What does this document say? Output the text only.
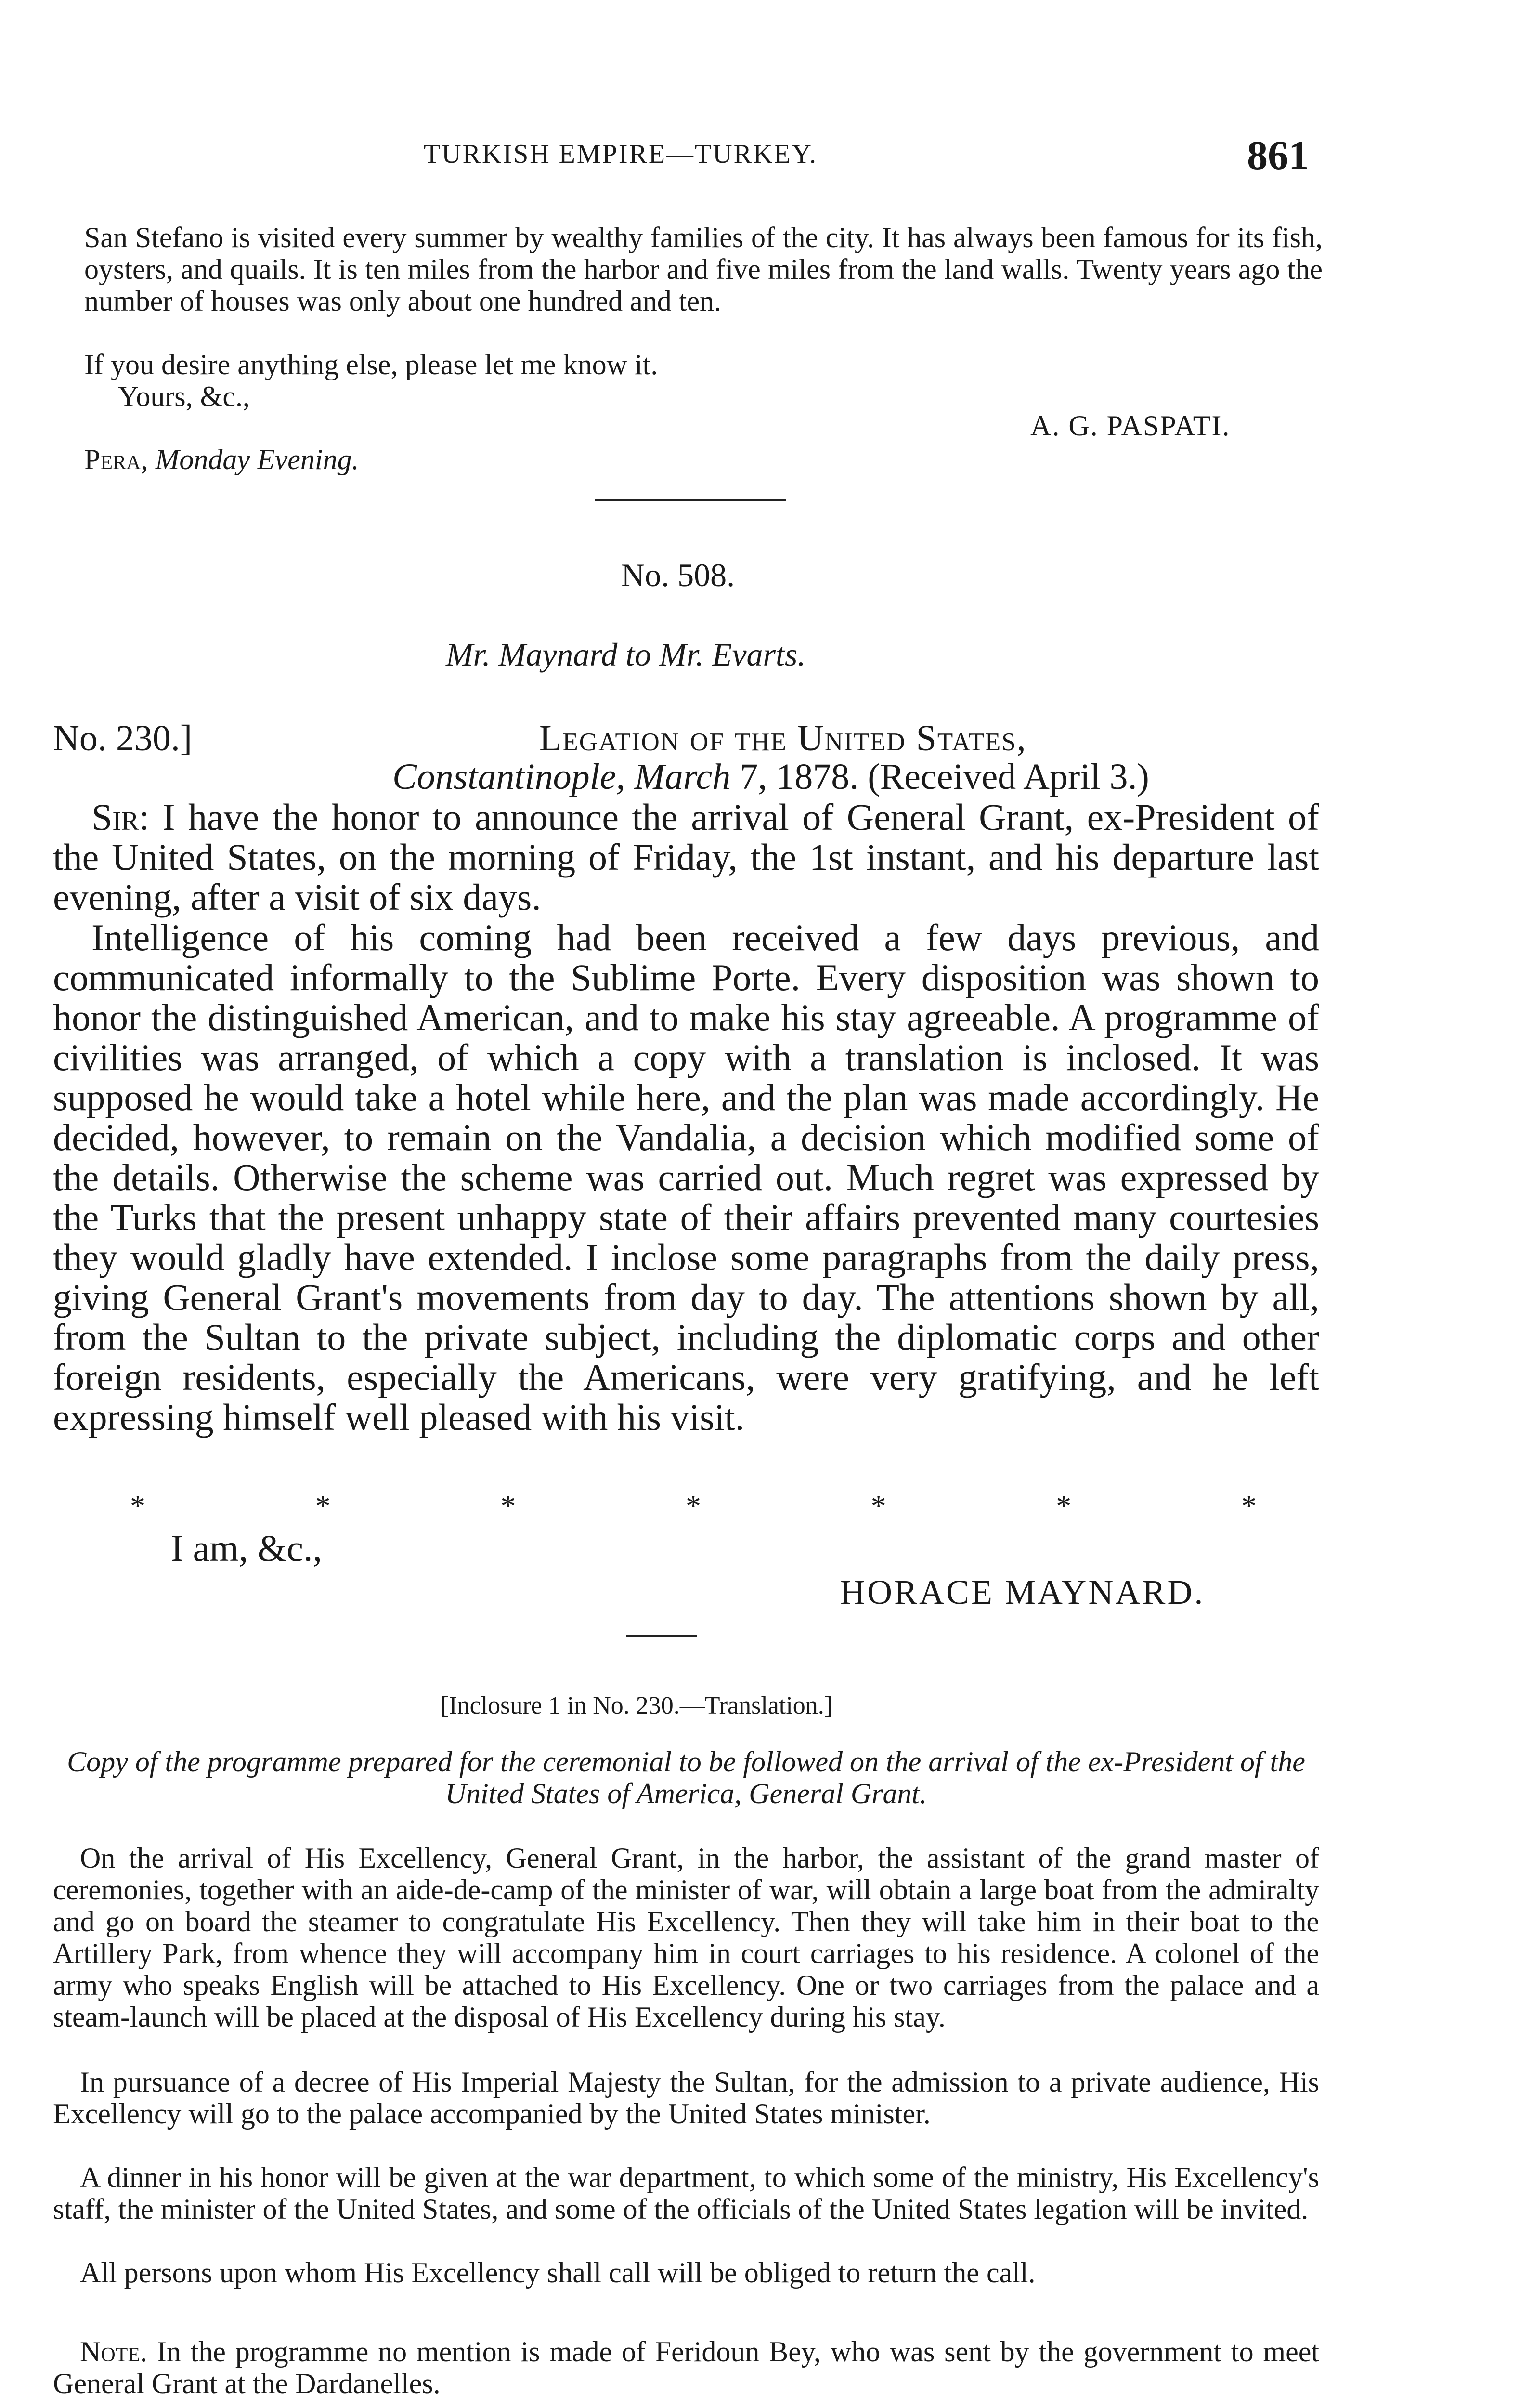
TURKISH EMPIRE—TURKEY.	861
San Stefano is visited every summer by wealthy families of the city. It has always been famous for its fish, oysters, and quails. It is ten miles from the harbor and five miles from the land walls. Twenty years ago the number of houses was only about one hundred and ten.
If you desire anything else, please let me know it.
Yours, &c.,
A. G. PASPATI.
Pera, Monday Evening.
No. 508.
Mr. Maynard to Mr. Evarts.
No. 230.]	Legation of the United States,
Constantinople, March 7, 1878. (Received April 3.)
Sir: I have the honor to announce the arrival of General Grant, ex-President of the United States, on the morning of Friday, the 1st instant, and his departure last evening, after a visit of six days.
Intelligence of his coming had been received a few days previous, and communicated informally to the Sublime Porte. Every disposition was shown to honor the distinguished American, and to make his stay agreeable. A programme of civilities was arranged, of which a copy with a translation is inclosed. It was supposed he would take a hotel while here, and the plan was made accordingly. He decided, however, to remain on the Vandalia, a decision which modified some of the details. Otherwise the scheme was carried out. Much regret was expressed by the Turks that the present unhappy state of their affairs prevented many courtesies they would gladly have extended. I inclose some paragraphs from the daily press, giving General Grant's movements from day to day. The attentions shown by all, from the Sultan to the private subject, including the diplomatic corps and other foreign residents, especially the Americans, were very gratifying, and he left expressing himself well pleased with his visit.
*	*	*	*	*	*	*
I am, &c.,
HORACE MAYNARD.
[Inclosure 1 in No. 230.—Translation.]
Copy of the programme prepared for the ceremonial to be followed on the arrival of the ex-President of the United States of America, General Grant.
On the arrival of His Excellency, General Grant, in the harbor, the assistant of the grand master of ceremonies, together with an aide-de-camp of the minister of war, will obtain a large boat from the admiralty and go on board the steamer to congratulate His Excellency. Then they will take him in their boat to the Artillery Park, from whence they will accompany him in court carriages to his residence. A colonel of the army who speaks English will be attached to His Excellency. One or two carriages from the palace and a steam-launch will be placed at the disposal of His Excellency during his stay.
In pursuance of a decree of His Imperial Majesty the Sultan, for the admission to a private audience, His Excellency will go to the palace accompanied by the United States minister.
A dinner in his honor will be given at the war department, to which some of the ministry, His Excellency's staff, the minister of the United States, and some of the officials of the United States legation will be invited.
All persons upon whom His Excellency shall call will be obliged to return the call.
Note. In the programme no mention is made of Feridoun Bey, who was sent by the government to meet General Grant at the Dardanelles.
